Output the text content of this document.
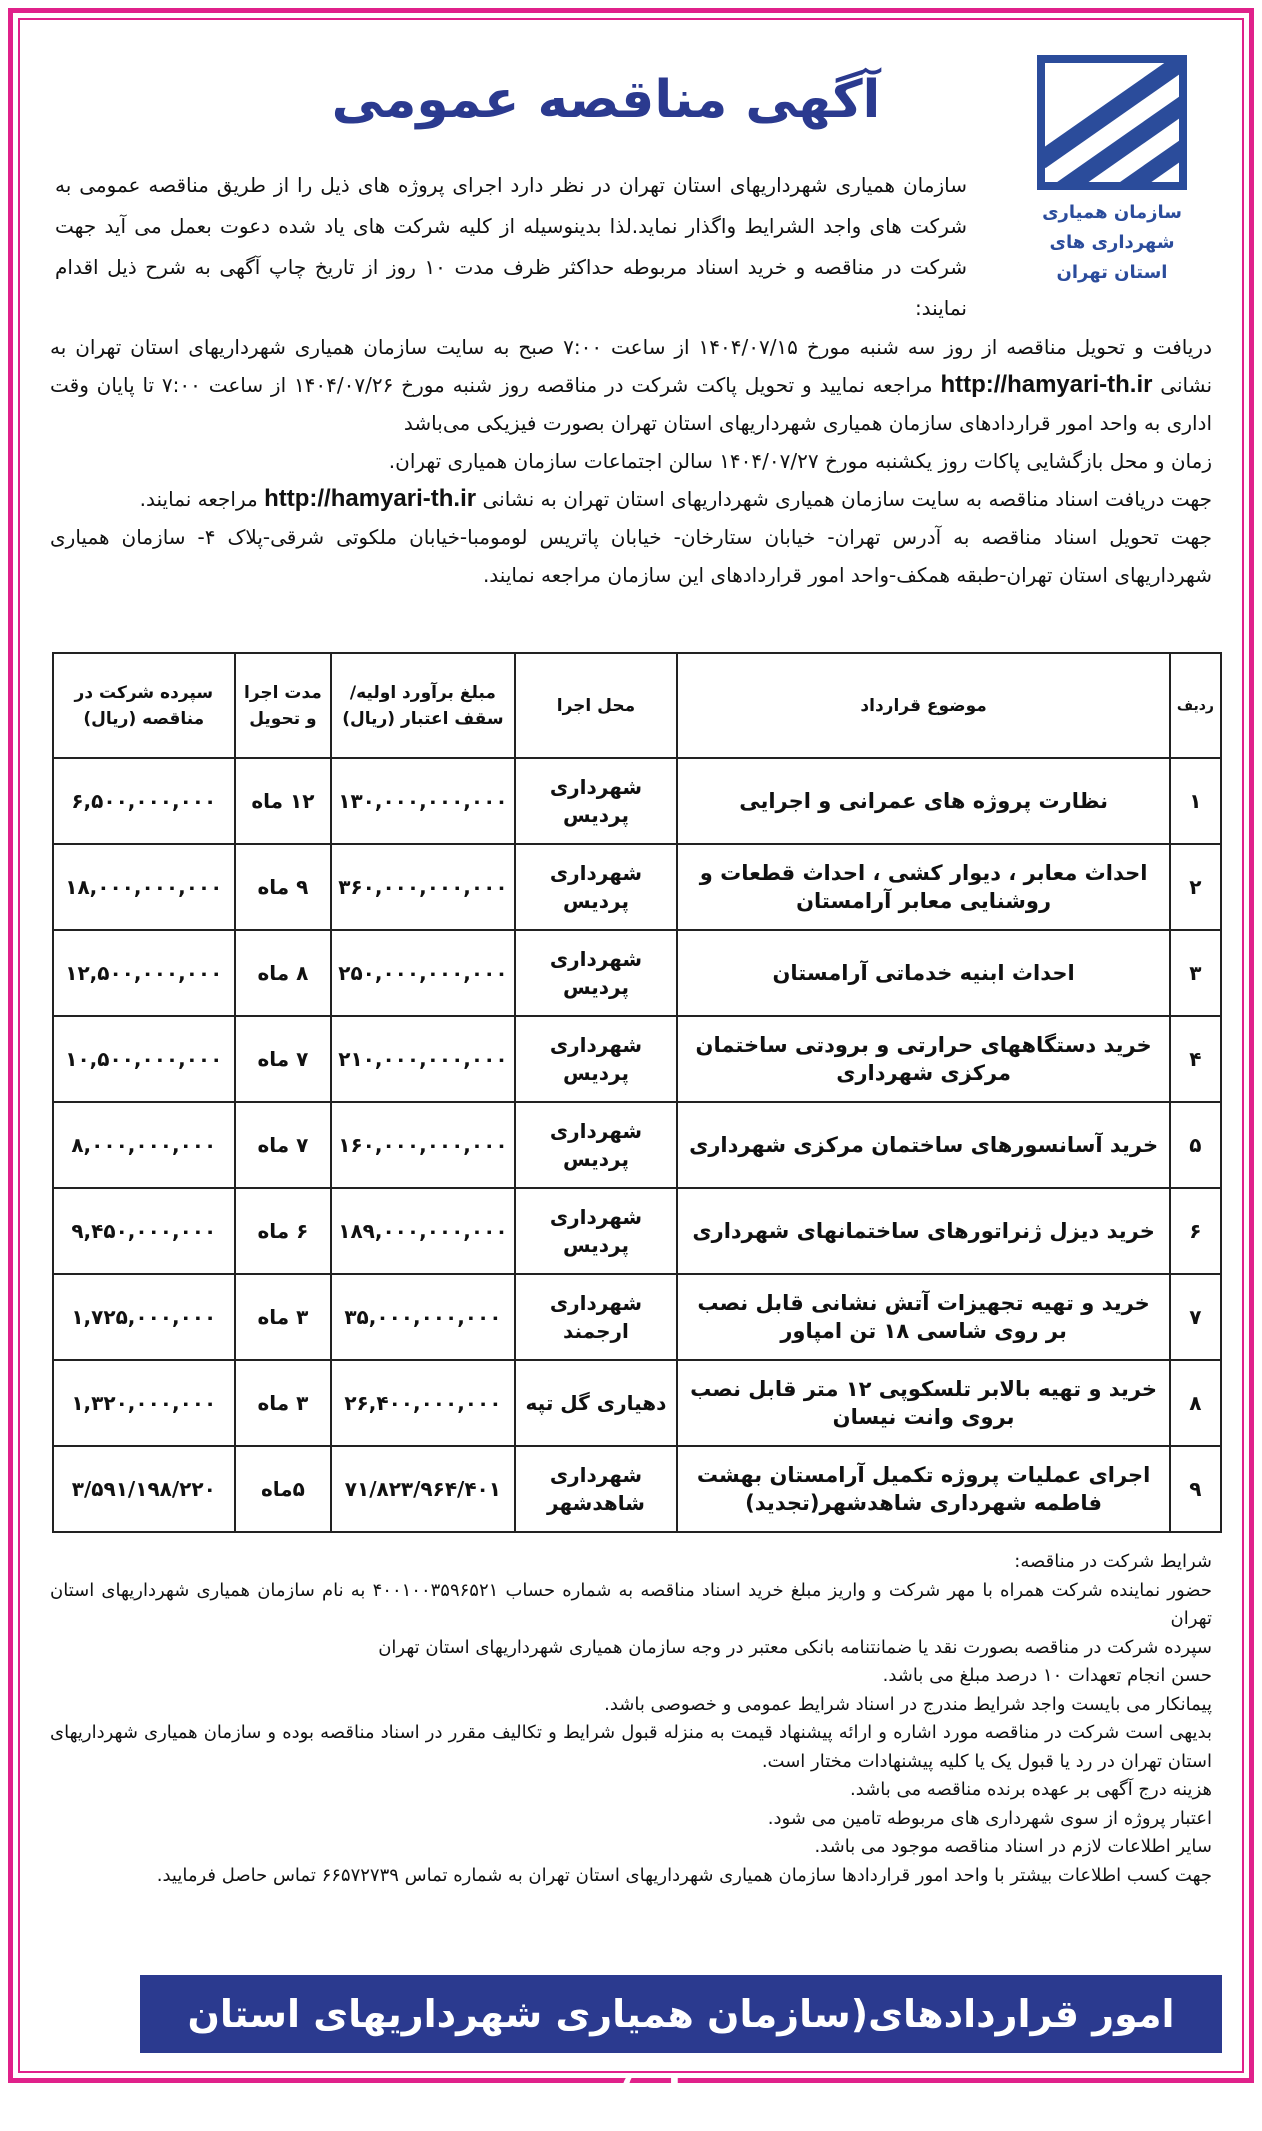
سازمان همیاری شهرداری های
استان تهران
آگهی مناقصه عمومی
سازمان همیاری شهرداریهای استان تهران در نظر دارد اجرای پروژه های ذیل را از طریق مناقصه عمومی به شرکت های واجد الشرایط واگذار نماید.لذا بدینوسیله از کلیه شرکت های یاد شده دعوت بعمل می آید جهت شرکت در مناقصه و خرید اسناد مربوطه حداکثر ظرف مدت ۱۰ روز از تاریخ چاپ آگهی به شرح ذیل اقدام نمایند:

دریافت و تحویل مناقصه از روز سه شنبه مورخ ۱۴۰۴/۰۷/۱۵ از ساعت ۷:۰۰ صبح به سایت سازمان همیاری شهرداریهای استان تهران به نشانی http://hamyari-th.ir مراجعه نمایید و تحویل پاکت شرکت در مناقصه روز شنبه مورخ ۱۴۰۴/۰۷/۲۶ از ساعت ۷:۰۰ تا پایان وقت اداری به واحد امور قراردادهای سازمان همیاری شهرداریهای استان تهران بصورت فیزیکی می‌باشد

زمان و محل بازگشایی پاکات روز یکشنبه مورخ ۱۴۰۴/۰۷/۲۷ سالن اجتماعات سازمان همیاری تهران.

جهت دریافت اسناد مناقصه به سایت سازمان همیاری شهرداریهای استان تهران به نشانی http://hamyari-th.ir مراجعه نمایند.

جهت تحویل اسناد مناقصه به آدرس تهران- خیابان ستارخان- خیابان پاتریس لومومبا-خیابان ملکوتی شرقی-پلاک ۴- سازمان همیاری شهرداریهای استان تهران-طبقه همکف-واحد امور قراردادهای این سازمان مراجعه نمایند.

ردیف	موضوع قرارداد	محل اجرا	مبلغ برآورد اولیه/ سقف اعتبار (ریال)	مدت اجرا و تحویل	سپرده شرکت در مناقصه (ریال)
۱	نظارت پروژه های عمرانی و اجرایی	شهرداری پردیس	۱۳۰,۰۰۰,۰۰۰,۰۰۰	۱۲ ماه	۶,۵۰۰,۰۰۰,۰۰۰
۲	احداث معابر ، دیوار کشی ، احداث قطعات و روشنایی معابر آرامستان	شهرداری پردیس	۳۶۰,۰۰۰,۰۰۰,۰۰۰	۹ ماه	۱۸,۰۰۰,۰۰۰,۰۰۰
۳	احداث ابنیه خدماتی آرامستان	شهرداری پردیس	۲۵۰,۰۰۰,۰۰۰,۰۰۰	۸ ماه	۱۲,۵۰۰,۰۰۰,۰۰۰
۴	خرید دستگاههای حرارتی و برودتی ساختمان مرکزی شهرداری	شهرداری پردیس	۲۱۰,۰۰۰,۰۰۰,۰۰۰	۷ ماه	۱۰,۵۰۰,۰۰۰,۰۰۰
۵	خرید آسانسورهای ساختمان مرکزی شهرداری	شهرداری پردیس	۱۶۰,۰۰۰,۰۰۰,۰۰۰	۷ ماه	۸,۰۰۰,۰۰۰,۰۰۰
۶	خرید دیزل ژنراتورهای ساختمانهای شهرداری	شهرداری پردیس	۱۸۹,۰۰۰,۰۰۰,۰۰۰	۶ ماه	۹,۴۵۰,۰۰۰,۰۰۰
۷	خرید و تهیه تجهیزات آتش نشانی قابل نصب بر روی شاسی ۱۸ تن امپاور	شهرداری ارجمند	۳۵,۰۰۰,۰۰۰,۰۰۰	۳ ماه	۱,۷۲۵,۰۰۰,۰۰۰
۸	خرید و تهیه بالابر تلسکوپی ۱۲ متر قابل نصب بروی وانت نیسان	دهیاری گل تپه	۲۶,۴۰۰,۰۰۰,۰۰۰	۳ ماه	۱,۳۲۰,۰۰۰,۰۰۰
۹	اجرای عملیات پروژه تکمیل آرامستان بهشت فاطمه شهرداری شاهدشهر(تجدید)	شهرداری شاهدشهر	۷۱/۸۲۳/۹۶۴/۴۰۱	۵ماه	۳/۵۹۱/۱۹۸/۲۲۰

شرایط شرکت در مناقصه:

حضور نماینده شرکت همراه با مهر شرکت و واریز مبلغ خرید اسناد مناقصه به شماره حساب ۴۰۰۱۰۰۳۵۹۶۵۲۱ به نام سازمان همیاری شهرداریهای استان تهران

سپرده شرکت در مناقصه بصورت نقد یا ضمانتنامه بانکی معتبر در وجه سازمان همیاری شهرداریهای استان تهران

حسن انجام تعهدات ۱۰ درصد مبلغ می باشد.

پیمانکار می بایست واجد شرایط مندرج در اسناد شرایط عمومی و خصوصی باشد.

بدیهی است شرکت در مناقصه مورد اشاره و ارائه پیشنهاد قیمت به منزله قبول شرایط و تکالیف مقرر در اسناد مناقصه بوده و سازمان همیاری شهرداریهای استان تهران در رد یا قبول یک یا کلیه پیشنهادات مختار است.

هزینه درج آگهی بر عهده برنده مناقصه می باشد.

اعتبار پروژه از سوی شهرداری های مربوطه تامین می شود.

سایر اطلاعات لازم در اسناد مناقصه موجود می باشد.

جهت کسب اطلاعات بیشتر با واحد امور قراردادها سازمان همیاری شهرداریهای استان تهران به شماره تماس ۶۶۵۷۲۷۳۹ تماس حاصل فرمایید.

امور قراردادهای(سازمان همیاری شهرداریهای استان تهران)
